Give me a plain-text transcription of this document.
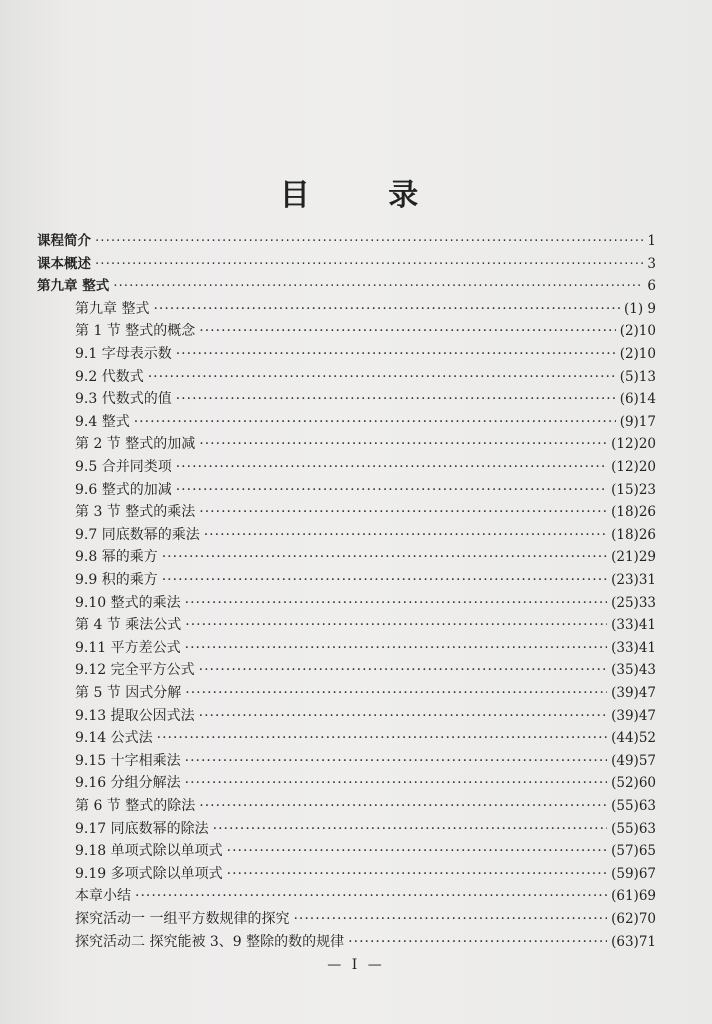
目 录
课程简介 ·····	1
课本概述 ·····	3
第九章 整式 ·····	6
第九章 整式 ·····	(1) 9
第 1 节 整式的概念 ·····	(2)10
9.1 字母表示数 ·····	(2)10
9.2 代数式 ·····	(5)13
9.3 代数式的值 ·····	(6)14
9.4 整式 ·····	(9)17
第 2 节 整式的加减 ·····	(12)20
9.5 合并同类项 ·····	(12)20
9.6 整式的加减 ·····	(15)23
第 3 节 整式的乘法 ·····	(18)26
9.7 同底数幂的乘法 ·····	(18)26
9.8 幂的乘方 ·····	(21)29
9.9 积的乘方 ·····	(23)31
9.10 整式的乘法 ·····	(25)33
第 4 节 乘法公式 ·····	(33)41
9.11 平方差公式 ·····	(33)41
9.12 完全平方公式 ·····	(35)43
第 5 节 因式分解 ·····	(39)47
9.13 提取公因式法 ·····	(39)47
9.14 公式法 ·····	(44)52
9.15 十字相乘法 ·····	(49)57
9.16 分组分解法 ·····	(52)60
第 6 节 整式的除法 ·····	(55)63
9.17 同底数幂的除法 ·····	(55)63
9.18 单项式除以单项式 ·····	(57)65
9.19 多项式除以单项式 ·····	(59)67
本章小结 ·····	(61)69
探究活动一 一组平方数规律的探究 ·····	(62)70
探究活动二 探究能被 3、9 整除的数的规律 ·····	(63)71
— I —
